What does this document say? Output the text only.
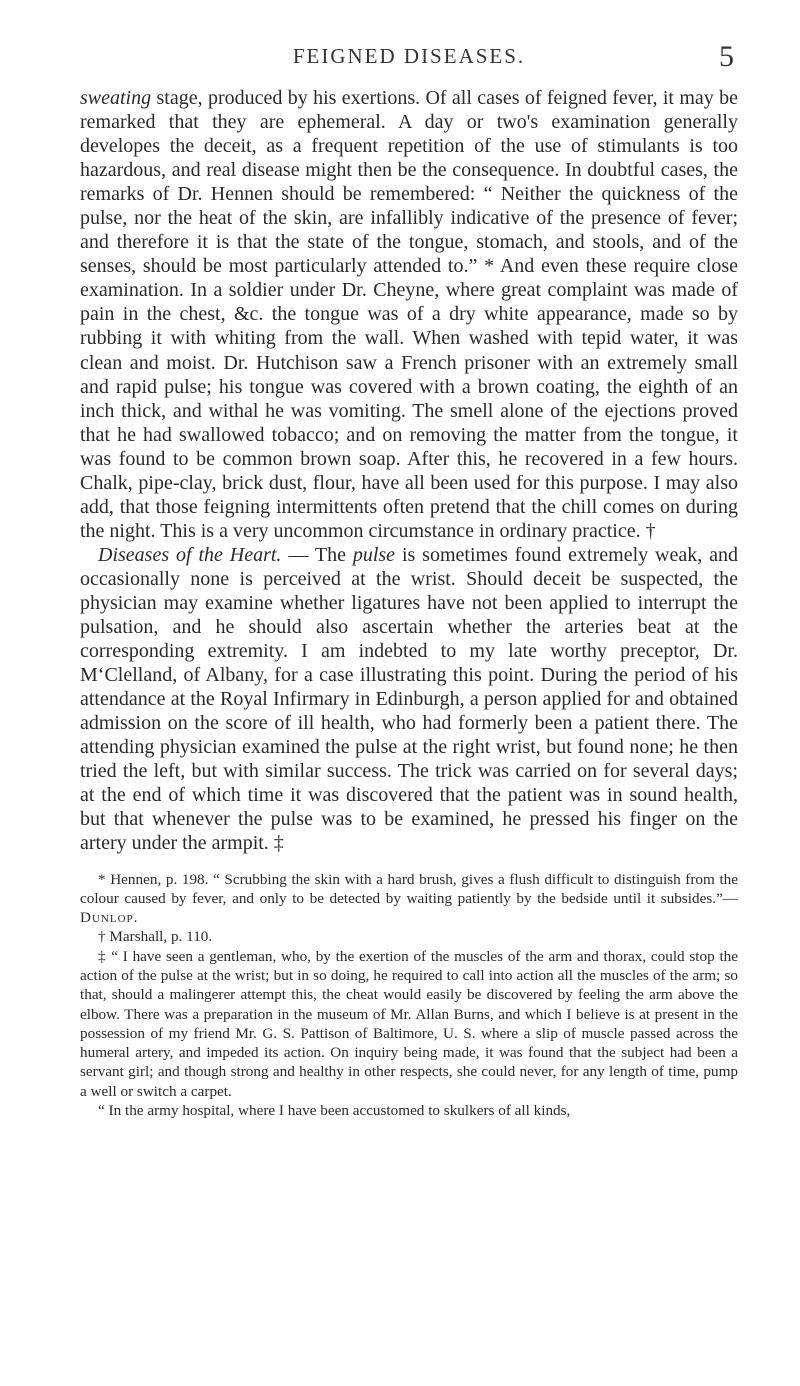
FEIGNED DISEASES.	5

sweating stage, produced by his exertions. Of all cases of feigned fever, it may be remarked that they are ephemeral. A day or two's examination generally developes the deceit, as a frequent repetition of the use of stimulants is too hazardous, and real disease might then be the consequence. In doubtful cases, the remarks of Dr. Hennen should be remembered: “ Neither the quickness of the pulse, nor the heat of the skin, are infallibly indicative of the presence of fever; and therefore it is that the state of the tongue, stomach, and stools, and of the senses, should be most particularly attended to.” * And even these require close examination. In a soldier under Dr. Cheyne, where great complaint was made of pain in the chest, &c. the tongue was of a dry white appearance, made so by rubbing it with whiting from the wall. When washed with tepid water, it was clean and moist. Dr. Hutchison saw a French prisoner with an extremely small and rapid pulse; his tongue was covered with a brown coating, the eighth of an inch thick, and withal he was vomiting. The smell alone of the ejections proved that he had swallowed tobacco; and on removing the matter from the tongue, it was found to be common brown soap. After this, he recovered in a few hours. Chalk, pipe-clay, brick dust, flour, have all been used for this purpose. I may also add, that those feigning intermittents often pretend that the chill comes on during the night. This is a very uncommon circumstance in ordinary practice. †

Diseases of the Heart. — The pulse is sometimes found extremely weak, and occasionally none is perceived at the wrist. Should deceit be suspected, the physician may examine whether ligatures have not been applied to interrupt the pulsation, and he should also ascertain whether the arteries beat at the corresponding extremity. I am indebted to my late worthy preceptor, Dr. M‘Clelland, of Albany, for a case illustrating this point. During the period of his attendance at the Royal Infirmary in Edinburgh, a person applied for and obtained admission on the score of ill health, who had formerly been a patient there. The attending physician examined the pulse at the right wrist, but found none; he then tried the left, but with similar success. The trick was carried on for several days; at the end of which time it was discovered that the patient was in sound health, but that whenever the pulse was to be examined, he pressed his finger on the artery under the armpit. ‡

* Hennen, p. 198. “ Scrubbing the skin with a hard brush, gives a flush difficult to distinguish from the colour caused by fever, and only to be detected by waiting patiently by the bedside until it subsides.”—Dunlop.

† Marshall, p. 110.

‡ “ I have seen a gentleman, who, by the exertion of the muscles of the arm and thorax, could stop the action of the pulse at the wrist; but in so doing, he required to call into action all the muscles of the arm; so that, should a malingerer attempt this, the cheat would easily be discovered by feeling the arm above the elbow. There was a preparation in the museum of Mr. Allan Burns, and which I believe is at present in the possession of my friend Mr. G. S. Pattison of Baltimore, U. S. where a slip of muscle passed across the humeral artery, and impeded its action. On inquiry being made, it was found that the subject had been a servant girl; and though strong and healthy in other respects, she could never, for any length of time, pump a well or switch a carpet.

“ In the army hospital, where I have been accustomed to skulkers of all kinds,
